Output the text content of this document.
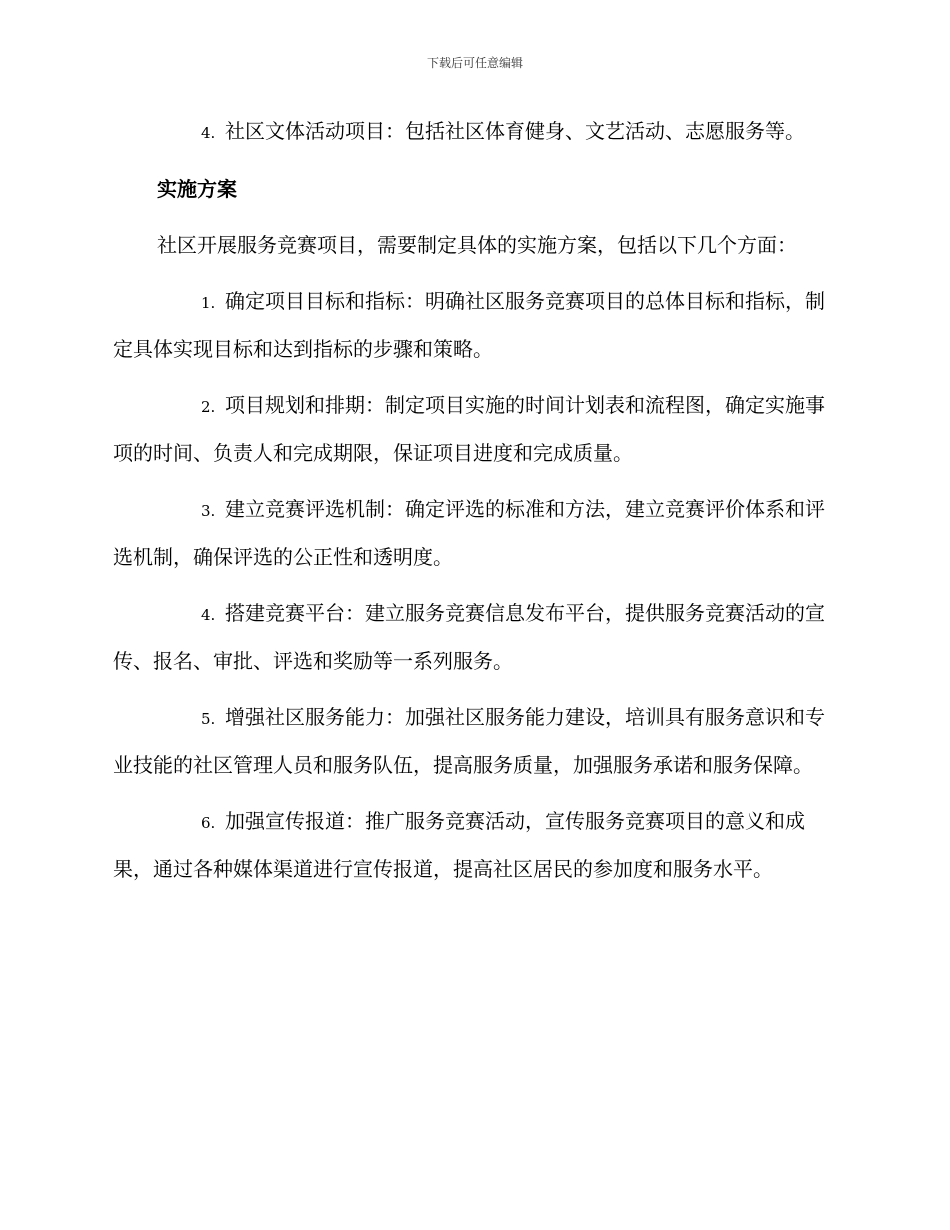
下载后可任意编辑

4. 社区文体活动项目：包括社区体育健身、文艺活动、志愿服务等。

实施方案

社区开展服务竞赛项目，需要制定具体的实施方案，包括以下几个方面：

1. 确定项目目标和指标：明确社区服务竞赛项目的总体目标和指标，制定具体实现目标和达到指标的步骤和策略。

2. 项目规划和排期：制定项目实施的时间计划表和流程图，确定实施事项的时间、负责人和完成期限，保证项目进度和完成质量。

3. 建立竞赛评选机制：确定评选的标准和方法，建立竞赛评价体系和评选机制，确保评选的公正性和透明度。

4. 搭建竞赛平台：建立服务竞赛信息发布平台，提供服务竞赛活动的宣传、报名、审批、评选和奖励等一系列服务。

5. 增强社区服务能力：加强社区服务能力建设，培训具有服务意识和专业技能的社区管理人员和服务队伍，提高服务质量，加强服务承诺和服务保障。

6. 加强宣传报道：推广服务竞赛活动，宣传服务竞赛项目的意义和成果，通过各种媒体渠道进行宣传报道，提高社区居民的参加度和服务水平。
